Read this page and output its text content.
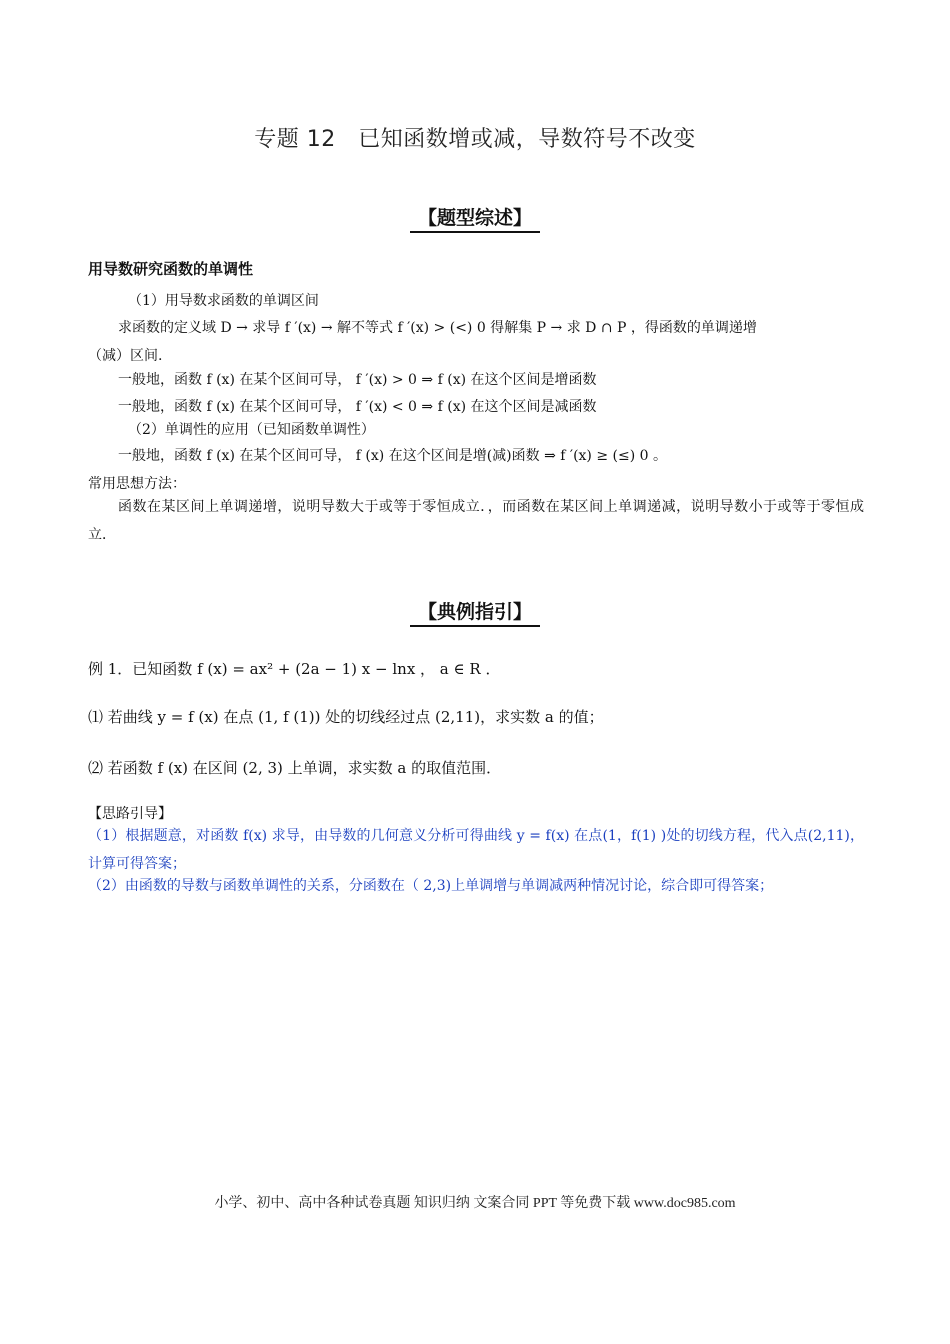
专题 12　已知函数增或减，导数符号不改变
【题型综述】
用导数研究函数的单调性
（1）用导数求函数的单调区间
求函数的定义域 D → 求导 f ′(x) → 解不等式 f ′(x) > (<) 0 得解集 P → 求 D ∩ P ，得函数的单调递增
（减）区间.
一般地，函数 f (x) 在某个区间可导， f ′(x) > 0 ⇒ f (x) 在这个区间是增函数
一般地，函数 f (x) 在某个区间可导， f ′(x) < 0 ⇒ f (x) 在这个区间是减函数
（2）单调性的应用（已知函数单调性）
一般地，函数 f (x) 在某个区间可导， f (x) 在这个区间是增(减)函数 ⇒ f ′(x) ≥ (≤) 0 。
常用思想方法：
函数在某区间上单调递增，说明导数大于或等于零恒成立．，而函数在某区间上单调递减，说明导数小于或等于零恒成立．
【典例指引】
例 1．已知函数 f (x) = ax² + (2a − 1) x − lnx ， a ∈ R ．
⑴ 若曲线 y = f (x) 在点 (1, f (1)) 处的切线经过点 (2,11)，求实数 a 的值；
⑵ 若函数 f (x) 在区间 (2, 3) 上单调，求实数 a 的取值范围．
【思路引导】
（1）根据题意，对函数 f(x) 求导，由导数的几何意义分析可得曲线 y = f(x) 在点(1，f(1) )处的切线方程，代入点(2,11)，计算可得答案；
（2）由函数的导数与函数单调性的关系，分函数在（ 2,3)上单调增与单调减两种情况讨论，综合即可得答案；
小学、初中、高中各种试卷真题 知识归纳 文案合同 PPT 等免费下载 www.doc985.com
